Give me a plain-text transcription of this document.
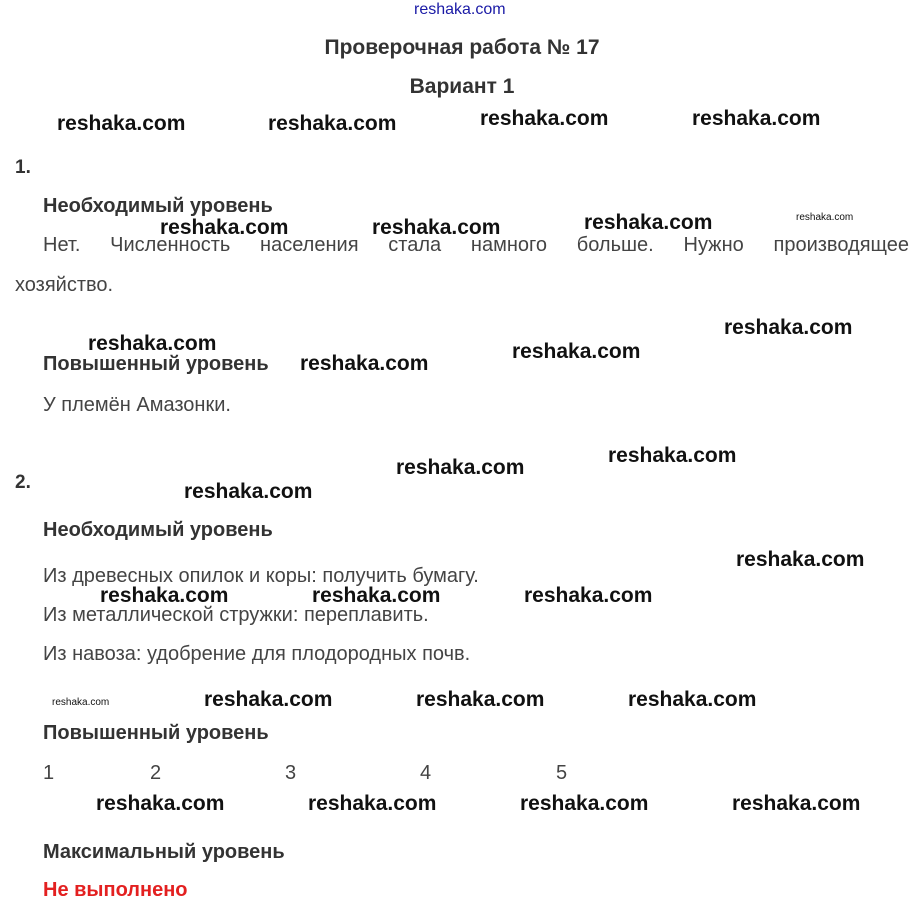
reshaka.com
Проверочная работа № 17
Вариант 1
1.
Необходимый уровень
Нет. Численность населения стала намного больше. Нужно производящее
хозяйство.
Повышенный уровень
У племён Амазонки.
2.
Необходимый уровень
Из древесных опилок и коры: получить бумагу.
Из металлической стружки: переплавить.
Из навоза: удобрение для плодородных почв.
Повышенный уровень
1	2	3	4	5
Максимальный уровень
Не выполнено
reshaka.com	reshaka.com	reshaka.com	reshaka.com
reshaka.com	reshaka.com	reshaka.com	reshaka.com
reshaka.com
reshaka.com
reshaka.com
reshaka.com
reshaka.com
reshaka.com
reshaka.com
reshaka.com
reshaka.com	reshaka.com	reshaka.com
reshaka.com	reshaka.com	reshaka.com	reshaka.com
reshaka.com	reshaka.com	reshaka.com	reshaka.com
